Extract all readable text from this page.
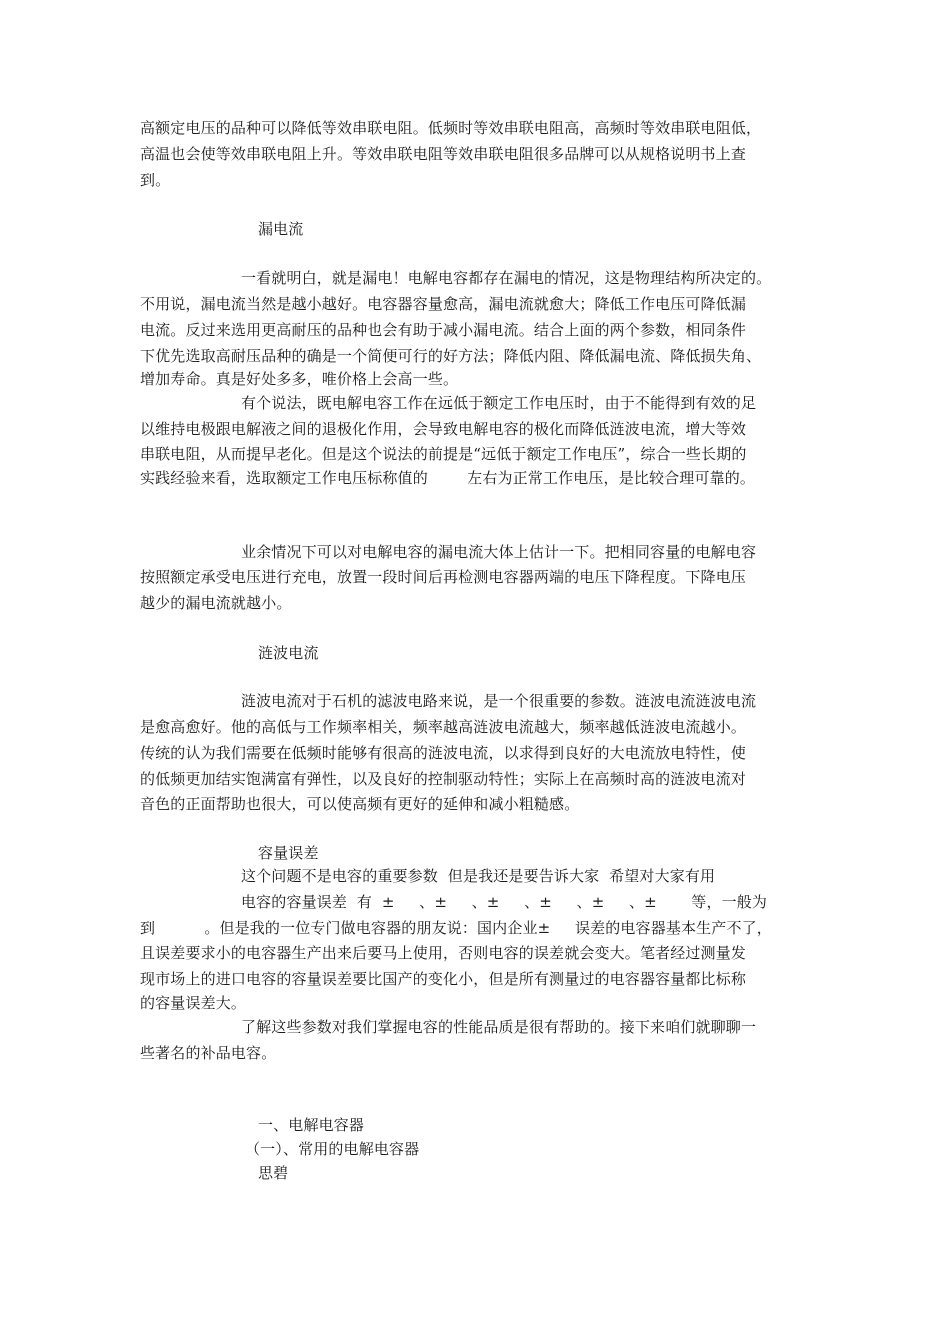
高额定电压的品种可以降低等效串联电阻。低频时等效串联电阻高，高频时等效串联电阻低，
高温也会使等效串联电阻上升。等效串联电阻等效串联电阻很多品牌可以从规格说明书上查
到。
漏电流
一看就明白，就是漏电！电解电容都存在漏电的情况，这是物理结构所决定的。
不用说，漏电流当然是越小越好。电容器容量愈高，漏电流就愈大；降低工作电压可降低漏
电流。反过来选用更高耐压的品种也会有助于减小漏电流。结合上面的两个参数，相同条件
下优先选取高耐压品种的确是一个简便可行的好方法；降低内阻、降低漏电流、降低损失角、
增加寿命。真是好处多多，唯价格上会高一些。
有个说法，既电解电容工作在远低于额定工作电压时，由于不能得到有效的足
以维持电极跟电解液之间的退极化作用，会导致电解电容的极化而降低涟波电流，增大等效
串联电阻，从而提早老化。但是这个说法的前提是“远低于额定工作电压”，综合一些长期的
实践经验来看，选取额定工作电压标称值的        左右为正常工作电压，是比较合理可靠的。
业余情况下可以对电解电容的漏电流大体上估计一下。把相同容量的电解电容
按照额定承受电压进行充电，放置一段时间后再检测电容器两端的电压下降程度。下降电压
越少的漏电流就越小。
涟波电流
涟波电流对于石机的滤波电路来说，是一个很重要的参数。涟波电流涟波电流
是愈高愈好。他的高低与工作频率相关，频率越高涟波电流越大，频率越低涟波电流越小。
传统的认为我们需要在低频时能够有很高的涟波电流，以求得到良好的大电流放电特性，使
的低频更加结实饱满富有弹性，以及良好的控制驱动特性；实际上在高频时高的涟波电流对
音色的正面帮助也很大，可以使高频有更好的延伸和减小粗糙感。
容量误差
这个问题不是电容的重要参数  但是我还是要告诉大家  希望对大家有用
电容的容量误差  有  ±     、±     、±     、±     、±     、±       等，一般为
到          。但是我的一位专门做电容器的朋友说：国内企业±     误差的电容器基本生产不了，
且误差要求小的电容器生产出来后要马上使用，否则电容的误差就会变大。笔者经过测量发
现市场上的进口电容的容量误差要比国产的变化小，但是所有测量过的电容器容量都比标称
的容量误差大。
了解这些参数对我们掌握电容的性能品质是很有帮助的。接下来咱们就聊聊一
些著名的补品电容。
一、电解电容器
（一）、常用的电解电容器
思碧
